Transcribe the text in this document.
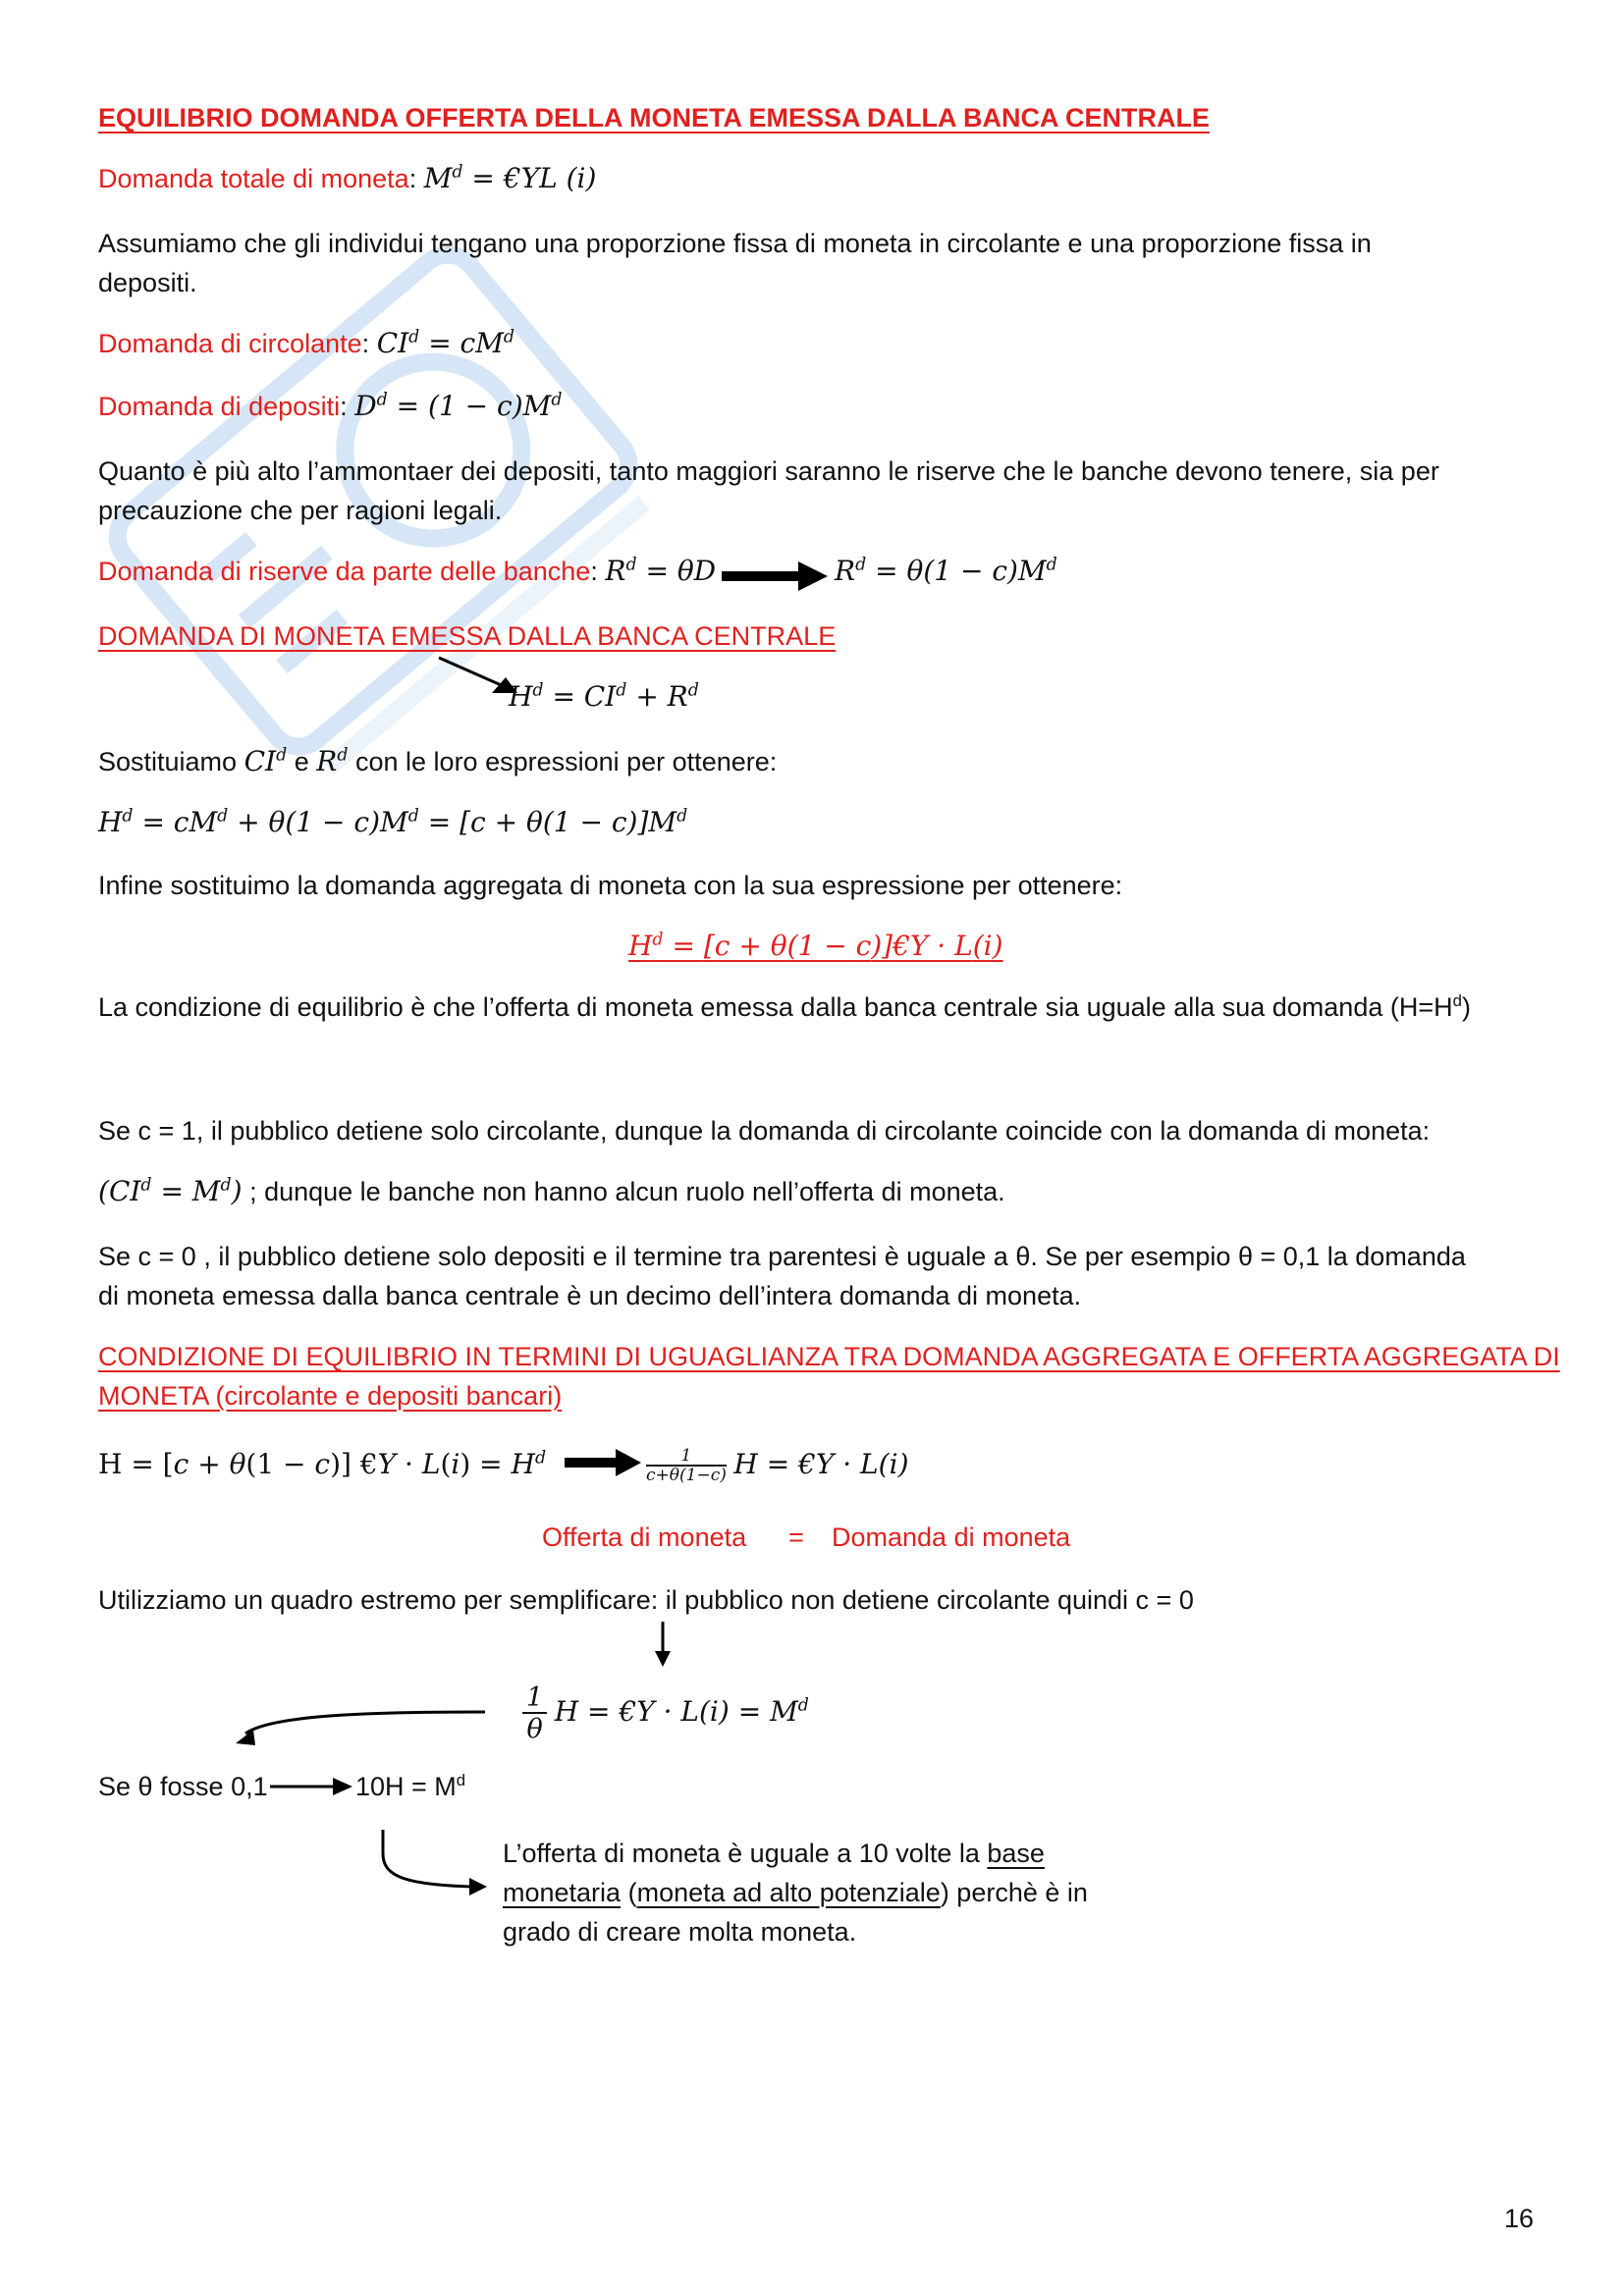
EQUILIBRIO DOMANDA OFFERTA DELLA MONETA EMESSA DALLA BANCA CENTRALE
Domanda totale di moneta: $M^d$ = €YL (i)
Assumiamo che gli individui tengano una proporzione fissa di moneta in circolante e una proporzione fissa in
depositi.
Domanda di circolante: $CI^d = cM^d$
Domanda di depositi: $D^d = (1 - c)M^d$
Quanto è più alto l’ammontaer dei depositi, tanto maggiori saranno le riserve che le banche devono tenere, sia per
precauzione che per ragioni legali.
Domanda di riserve da parte delle banche: $R^d = \theta D$	$R^d = \theta(1 - c)M^d$
DOMANDA DI MONETA EMESSA DALLA BANCA CENTRALE
$H^d = CI^d + R^d$
Sostituiamo $CI^d$ e $R^d$ con le loro espressioni per ottenere:
$H^d = cM^d + \theta(1 - c)M^d = [c + \theta(1 - c)]M^d$
Infine sostituimo la domanda aggregata di moneta con la sua espressione per ottenere:
$H^d = [c + \theta(1$ − c)]€Y · L(i)
La condizione di equilibrio è che l’offerta di moneta emessa dalla banca centrale sia uguale alla sua domanda $(H=H^d)$
Se c = 1, il pubblico detiene solo circolante, dunque la domanda di circolante coincide con la domanda di moneta:
$(CI^d = M^d)$ ; dunque le banche non hanno alcun ruolo nell’offerta di moneta.
Se c = 0 , il pubblico detiene solo depositi e il termine tra parentesi è uguale a θ. Se per esempio θ = 0,1 la domanda
di moneta emessa dalla banca centrale è un decimo dell’intera domanda di moneta.
CONDIZIONE DI EQUILIBRIO IN TERMINI DI UGUAGLIANZA TRA DOMANDA AGGREGATA E OFFERTA AGGREGATA DI
MONETA (circolante e depositi bancari)
H = [c + θ(1 − c)] €Y · $L(i) = H^d$	$\frac{1}{c+\theta(1-c)}$ H = €Y · L(i)
Offerta di moneta = Domanda di moneta
Utilizziamo un quadro estremo per semplificare: il pubblico non detiene circolante quindi c = 0
$\frac{1}{\theta}$ H = €Y · $L(i) = M^d$
Se θ fosse 0,1	$10H = M^d$
L’offerta di moneta è uguale a 10 volte la base
monetaria (moneta ad alto potenziale) perchè è in
grado di creare molta moneta.
16
